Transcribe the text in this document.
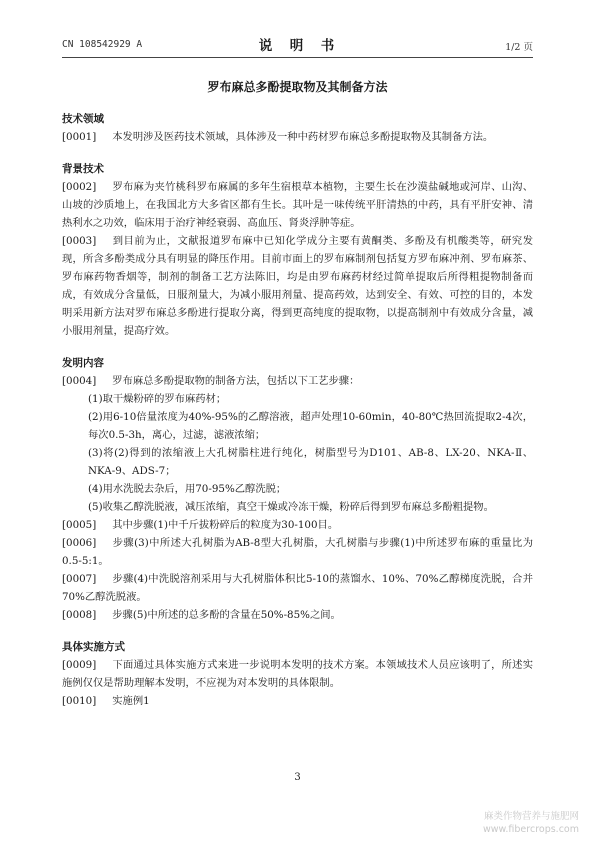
CN 108542929 A	说　明　书	1/2 页
罗布麻总多酚提取物及其制备方法

技术领域

[0001] 本发明涉及医药技术领域，具体涉及一种中药材罗布麻总多酚提取物及其制备方法。

背景技术

[0002] 罗布麻为夹竹桃科罗布麻属的多年生宿根草本植物，主要生长在沙漠盐碱地或河岸、山沟、山坡的沙质地上，在我国北方大多省区都有生长。其叶是一味传统平肝清热的中药，具有平肝安神、清热利水之功效，临床用于治疗神经衰弱、高血压、肾炎浮肿等症。

[0003] 到目前为止，文献报道罗布麻中已知化学成分主要有黄酮类、多酚及有机酸类等，研究发现，所含多酚类成分具有明显的降压作用。目前市面上的罗布麻制剂包括复方罗布麻冲剂、罗布麻茶、罗布麻药物香烟等，制剂的制备工艺方法陈旧，均是由罗布麻药材经过简单提取后所得粗提物制备而成，有效成分含量低，日服剂量大，为减小服用剂量、提高药效，达到安全、有效、可控的目的，本发明采用新方法对罗布麻总多酚进行提取分离，得到更高纯度的提取物，以提高制剂中有效成分含量，减小服用剂量，提高疗效。

发明内容

[0004] 罗布麻总多酚提取物的制备方法，包括以下工艺步骤：

(1)取干燥粉碎的罗布麻药材；

(2)用6-10倍量浓度为40%-95%的乙醇溶液，超声处理10-60min，40-80℃热回流提取2-4次，每次0.5-3h，离心，过滤，滤液浓缩；

(3)将(2)得到的浓缩液上大孔树脂柱进行纯化，树脂型号为D101、AB-8、LX-20、NKA-Ⅱ、NKA-9、ADS-7；

(4)用水洗脱去杂后，用70-95%乙醇洗脱；

(5)收集乙醇洗脱液，减压浓缩，真空干燥或冷冻干燥，粉碎后得到罗布麻总多酚粗提物。

[0005] 其中步骤(1)中千斤拔粉碎后的粒度为30-100目。

[0006] 步骤(3)中所述大孔树脂为AB-8型大孔树脂，大孔树脂与步骤(1)中所述罗布麻的重量比为0.5-5:1。

[0007] 步骤(4)中洗脱溶剂采用与大孔树脂体积比5-10的蒸馏水、10%、70%乙醇梯度洗脱，合并70%乙醇洗脱液。

[0008] 步骤(5)中所述的总多酚的含量在50%-85%之间。

具体实施方式

[0009] 下面通过具体实施方式来进一步说明本发明的技术方案。本领域技术人员应该明了，所述实施例仅仅是帮助理解本发明，不应视为对本发明的具体限制。

[0010] 实施例1

3
麻类作物营养与施肥网
www.fibercrops.com
